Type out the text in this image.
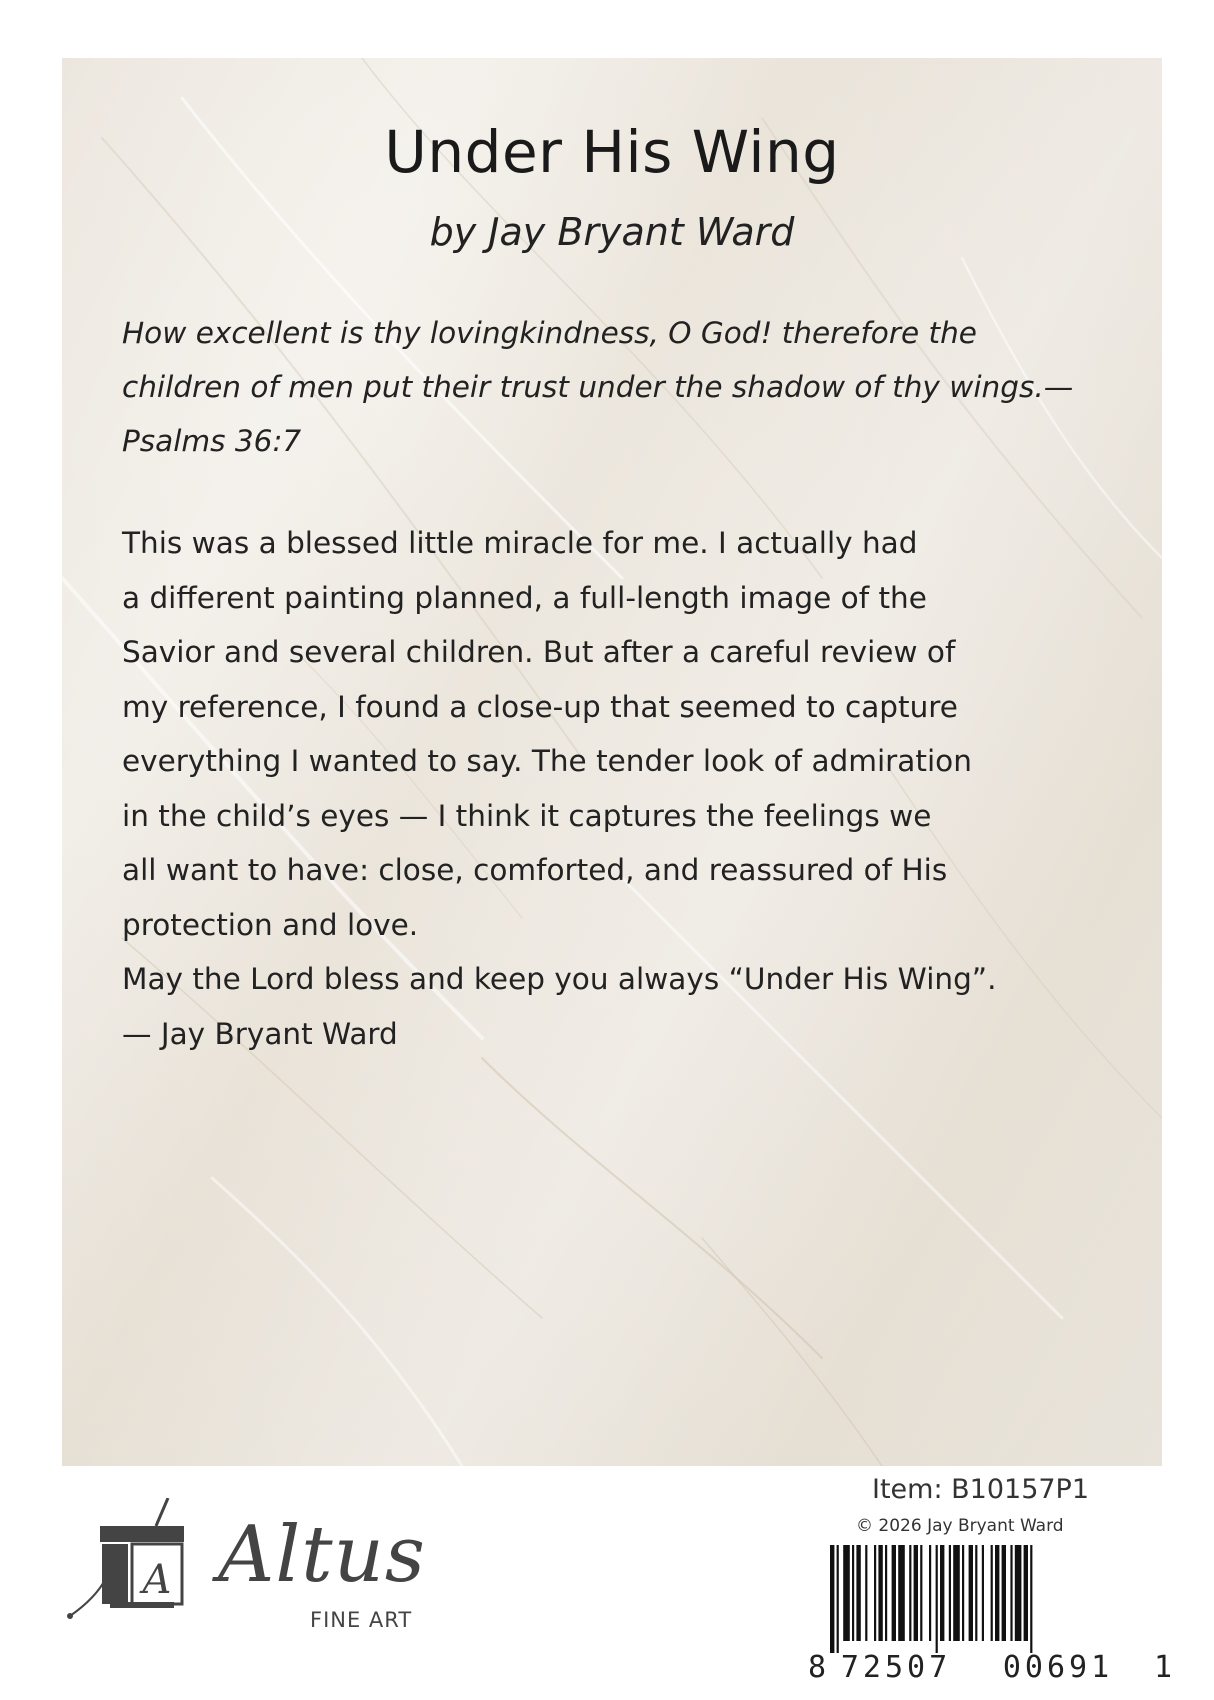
Under His Wing

by Jay Bryant Ward

How excellent is thy lovingkindness, O God! therefore the children of men put their trust under the shadow of thy wings.— Psalms 36:7

This was a blessed little miracle for me. I actually had
a different painting planned, a full-length image of the
Savior and several children. But after a careful review of
my reference, I found a close-up that seemed to capture
everything I wanted to say. The tender look of admiration
in the child’s eyes — I think it captures the feelings we
all want to have: close, comforted, and reassured of His
protection and love.
May the Lord bless and keep you always “Under His Wing”.
— Jay Bryant Ward
A Altus
FINE ART
Item: B10157P1
© 2026 Jay Bryant Ward
8 72507 00691 1
